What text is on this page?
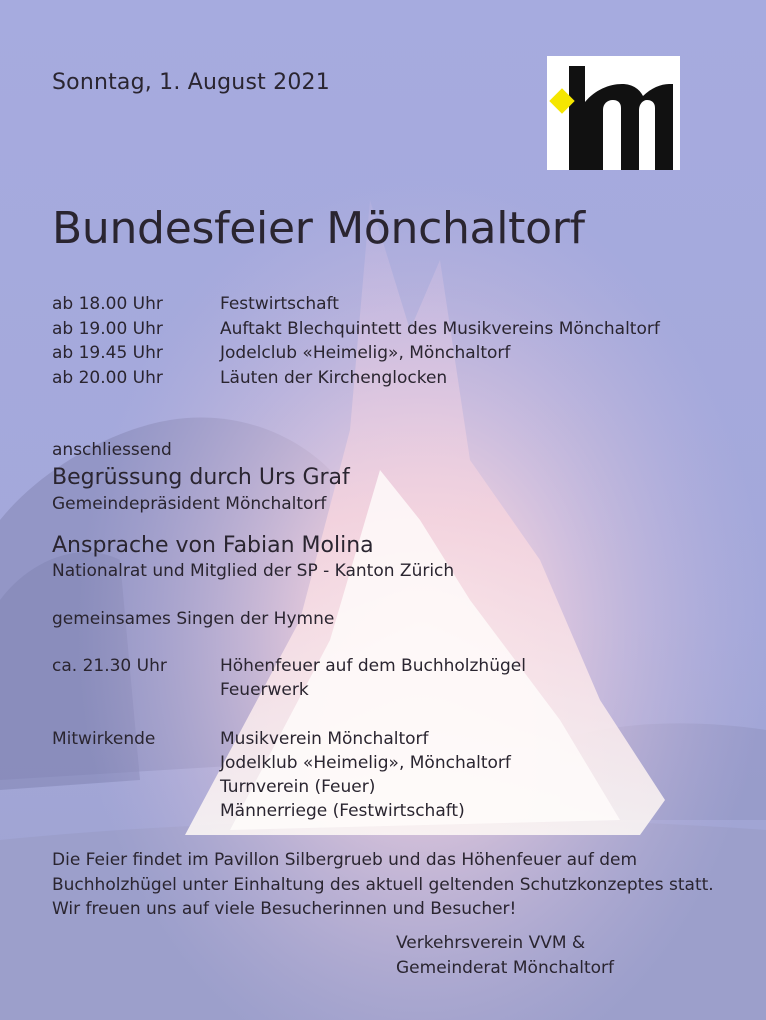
Sonntag, 1. August 2021
Bundesfeier Mönchaltorf
ab 18.00 Uhr	Festwirtschaft
ab 19.00 Uhr	Auftakt Blechquintett des Musikvereins Mönchaltorf
ab 19.45 Uhr	Jodelclub «Heimelig», Mönchaltorf
ab 20.00 Uhr	Läuten der Kirchenglocken
anschliessend
Begrüssung durch Urs Graf
Gemeindepräsident Mönchaltorf
Ansprache von Fabian Molina
Nationalrat und Mitglied der SP - Kanton Zürich
gemeinsames Singen der Hymne
ca. 21.30 Uhr	Höhenfeuer auf dem Buchholzhügel
Feuerwerk
Mitwirkende	Musikverein Mönchaltorf
Jodelklub «Heimelig», Mönchaltorf
Turnverein (Feuer)
Männerriege (Festwirtschaft)
Die Feier findet im Pavillon Silbergrueb und das Höhenfeuer auf dem
Buchholzhügel unter Einhaltung des aktuell geltenden Schutzkonzeptes statt.
Wir freuen uns auf viele Besucherinnen und Besucher!
Verkehrsverein VVM &
Gemeinderat Mönchaltorf
